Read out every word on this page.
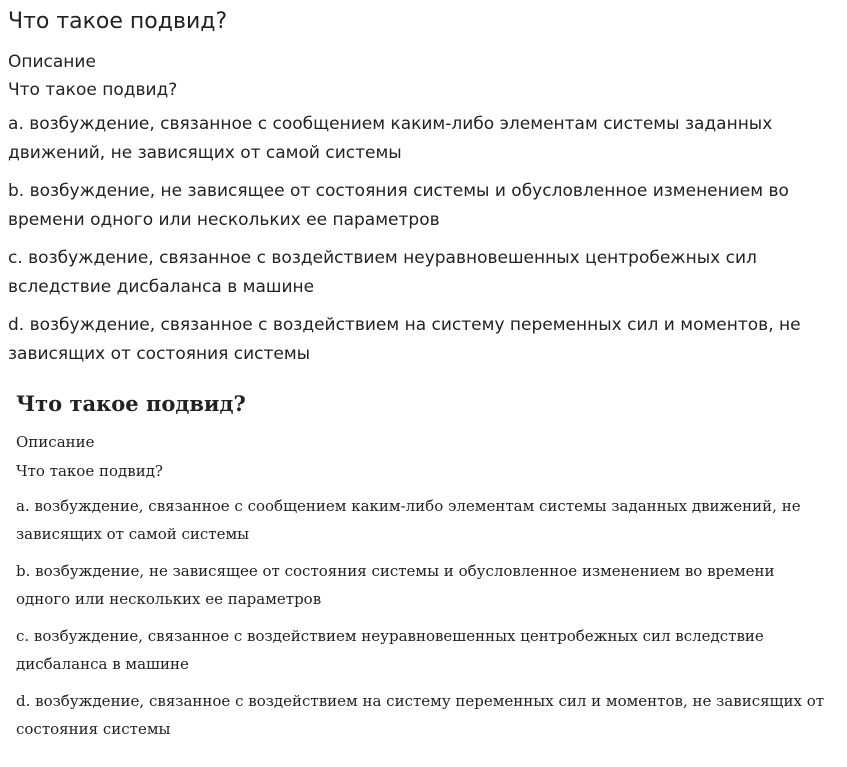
Что такое подвид?

Описание

Что такое подвид?

a. возбуждение, связанное с сообщением каким-либо элементам системы заданных движений, не зависящих от самой системы

b. возбуждение, не зависящее от состояния системы и обусловленное изменением во времени одного или нескольких ее параметров

c. возбуждение, связанное с воздействием неуравновешенных центробежных сил вследствие дисбаланса в машине

d. возбуждение, связанное с воздействием на систему переменных сил и моментов, не зависящих от состояния системы

Что такое подвид?

Описание

Что такое подвид?

a. возбуждение, связанное с сообщением каким-либо элементам системы заданных движений, не зависящих от самой системы

b. возбуждение, не зависящее от состояния системы и обусловленное изменением во времени одного или нескольких ее параметров

c. возбуждение, связанное с воздействием неуравновешенных центробежных сил вследствие дисбаланса в машине

d. возбуждение, связанное с воздействием на систему переменных сил и моментов, не зависящих от состояния системы
